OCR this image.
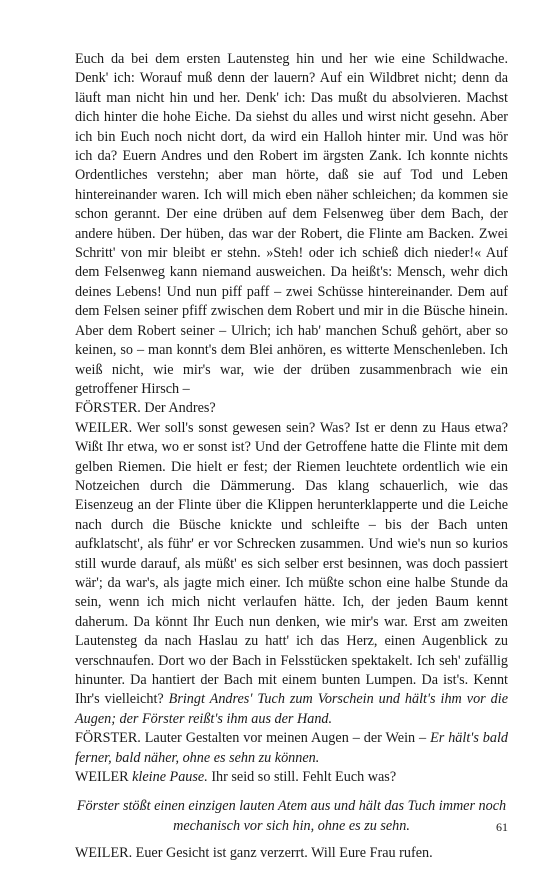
Euch da bei dem ersten Lautensteg hin und her wie eine Schildwache. Denk' ich: Worauf muß denn der lauern? Auf ein Wildbret nicht; denn da läuft man nicht hin und her. Denk' ich: Das mußt du absolvieren. Machst dich hinter die hohe Eiche. Da siehst du alles und wirst nicht gesehn. Aber ich bin Euch noch nicht dort, da wird ein Halloh hinter mir. Und was hör ich da? Euern Andres und den Robert im ärgsten Zank. Ich konnte nichts Ordentliches verstehn; aber man hörte, daß sie auf Tod und Leben hintereinander waren. Ich will mich eben näher schleichen; da kommen sie schon gerannt. Der eine drüben auf dem Felsenweg über dem Bach, der andere hüben. Der hüben, das war der Robert, die Flinte am Backen. Zwei Schritt' von mir bleibt er stehn. »Steh! oder ich schieß dich nieder!« Auf dem Felsenweg kann niemand ausweichen. Da heißt's: Mensch, wehr dich deines Lebens! Und nun piff paff – zwei Schüsse hintereinander. Dem auf dem Felsen seiner pfiff zwischen dem Robert und mir in die Büsche hinein. Aber dem Robert seiner – Ulrich; ich hab' manchen Schuß gehört, aber so keinen, so – man konnt's dem Blei anhören, es witterte Menschenleben. Ich weiß nicht, wie mir's war, wie der drüben zusammenbrach wie ein getroffener Hirsch –

FÖRSTER. Der Andres?

WEILER. Wer soll's sonst gewesen sein? Was? Ist er denn zu Haus etwa? Wißt Ihr etwa, wo er sonst ist? Und der Getroffene hatte die Flinte mit dem gelben Riemen. Die hielt er fest; der Riemen leuchtete ordentlich wie ein Notzeichen durch die Dämmerung. Das klang schauerlich, wie das Eisenzeug an der Flinte über die Klippen herunterklapperte und die Leiche nach durch die Büsche knickte und schleifte – bis der Bach unten aufklatscht', als führ' er vor Schrecken zusammen. Und wie's nun so kurios still wurde darauf, als müßt' es sich selber erst besinnen, was doch passiert wär'; da war's, als jagte mich einer. Ich müßte schon eine halbe Stunde da sein, wenn ich mich nicht verlaufen hätte. Ich, der jeden Baum kennt daherum. Da könnt Ihr Euch nun denken, wie mir's war. Erst am zweiten Lautensteg da nach Haslau zu hatt' ich das Herz, einen Augenblick zu verschnaufen. Dort wo der Bach in Felsstücken spektakelt. Ich seh' zufällig hinunter. Da hantiert der Bach mit einem bunten Lumpen. Da ist's. Kennt Ihr's vielleicht? Bringt Andres' Tuch zum Vorschein und hält's ihm vor die Augen; der Förster reißt's ihm aus der Hand.

FÖRSTER. Lauter Gestalten vor meinen Augen – der Wein – Er hält's bald ferner, bald näher, ohne es sehn zu können.

WEILER kleine Pause. Ihr seid so still. Fehlt Euch was?

Förster stößt einen einzigen lauten Atem aus und hält das Tuch immer noch mechanisch vor sich hin, ohne es zu sehn.

WEILER. Euer Gesicht ist ganz verzerrt. Will Eure Frau rufen.

61
